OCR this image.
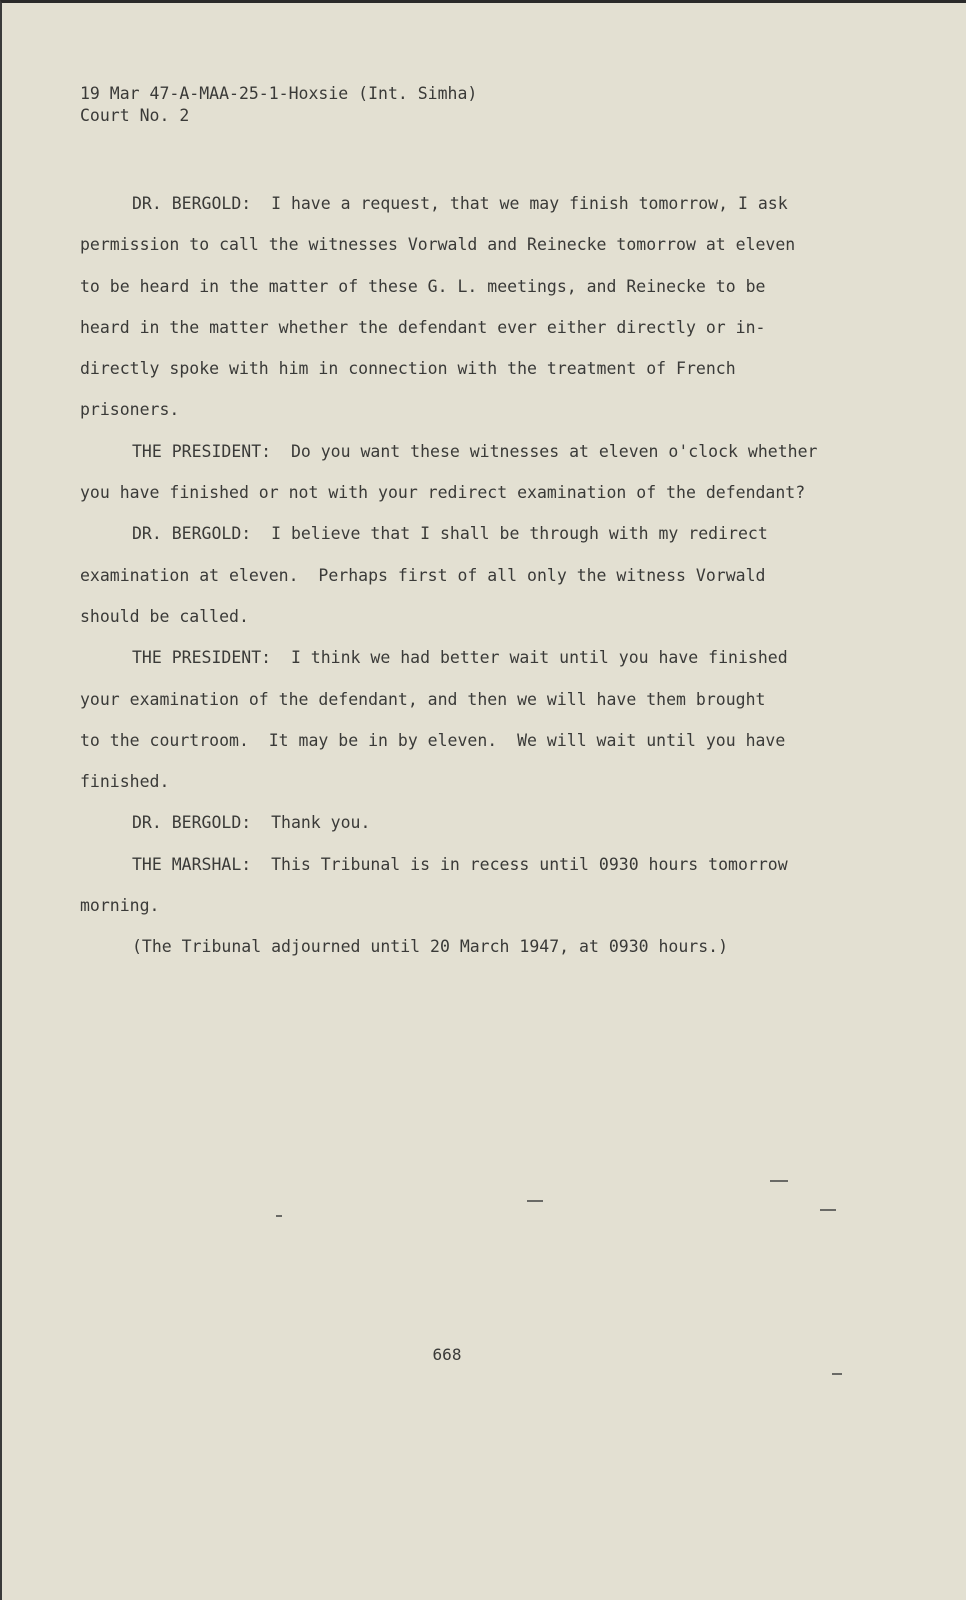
19 Mar 47-A-MAA-25-1-Hoxsie (Int. Simha)
Court No. 2
DR. BERGOLD:  I have a request, that we may finish tomorrow, I ask
permission to call the witnesses Vorwald and Reinecke tomorrow at eleven
to be heard in the matter of these G. L. meetings, and Reinecke to be
heard in the matter whether the defendant ever either directly or in-
directly spoke with him in connection with the treatment of French
prisoners.
THE PRESIDENT:  Do you want these witnesses at eleven o'clock whether
you have finished or not with your redirect examination of the defendant?
DR. BERGOLD:  I believe that I shall be through with my redirect
examination at eleven.  Perhaps first of all only the witness Vorwald
should be called.
THE PRESIDENT:  I think we had better wait until you have finished
your examination of the defendant, and then we will have them brought
to the courtroom.  It may be in by eleven.  We will wait until you have
finished.
DR. BERGOLD:  Thank you.
THE MARSHAL:  This Tribunal is in recess until 0930 hours tomorrow
morning.
(The Tribunal adjourned until 20 March 1947, at 0930 hours.)
668
